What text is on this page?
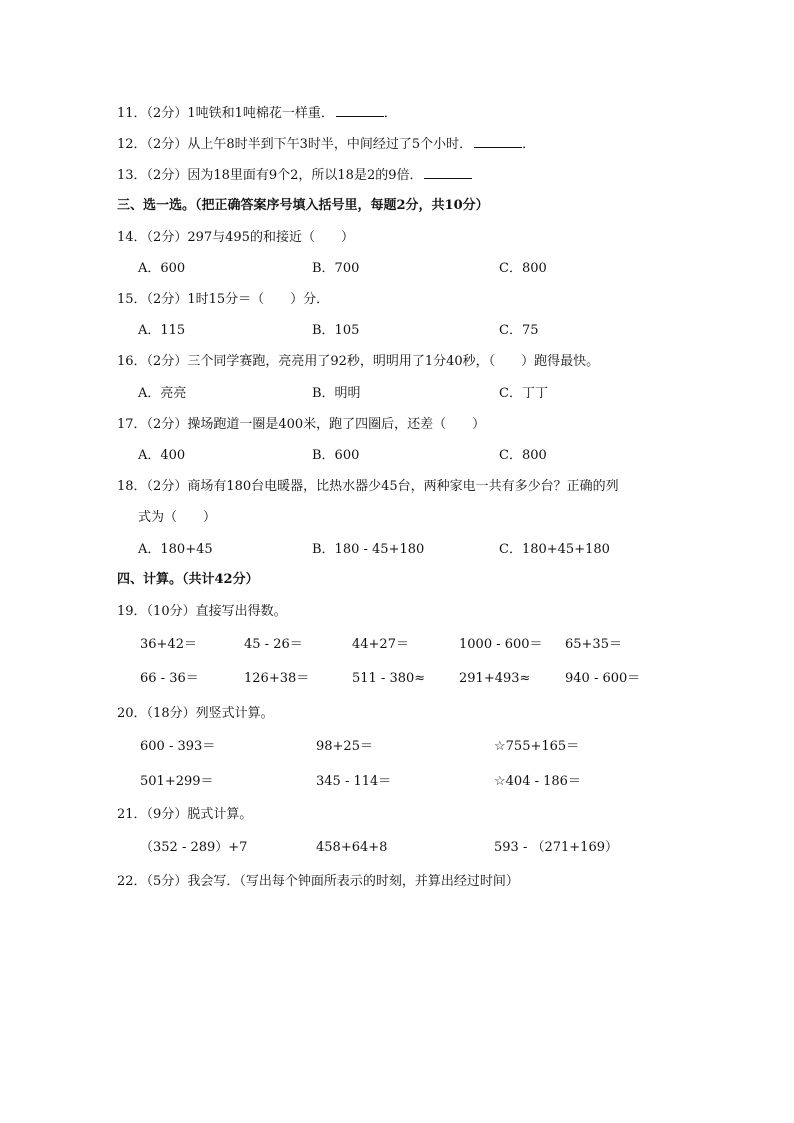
11．（2分）1吨铁和1吨棉花一样重．	．
12．（2分）从上午8时半到下午3时半，中间经过了5个小时．	．
13．（2分）因为18里面有9个2，所以18是2的9倍．
三、选一选。（把正确答案序号填入括号里，每题2分，共10分）
14．（2分）297与495的和接近（　　）
A．600	B．700	C．800
15．（2分）1时15分＝（　　）分．
A．115	B．105	C．75
16．（2分）三个同学赛跑，亮亮用了92秒，明明用了1分40秒，（　　）跑得最快。
A．亮亮	B．明明	C．丁丁
17．（2分）操场跑道一圈是400米，跑了四圈后，还差（　　）
A．400	B．600	C．800
18．（2分）商场有180台电暖器，比热水器少45台，两种家电一共有多少台？正确的列
式为（　　）
A．180+45	B．180 - 45+180	C．180+45+180
四、计算。（共计42分）
19．（10分）直接写出得数。
36+42＝	45 - 26＝	44+27＝	1000 - 600＝ 65+35＝
66 - 36＝	126+38＝	511 - 380≈	291+493≈	940 - 600＝
20．（18分）列竖式计算。
600 - 393＝	98+25＝	☆755+165＝
501+299＝	345 - 114＝	☆404 - 186＝
21．（9分）脱式计算。
（352 - 289）+7	458+64+8	593 - （271+169）
22．（5分）我会写．（写出每个钟面所表示的时刻，并算出经过时间）
